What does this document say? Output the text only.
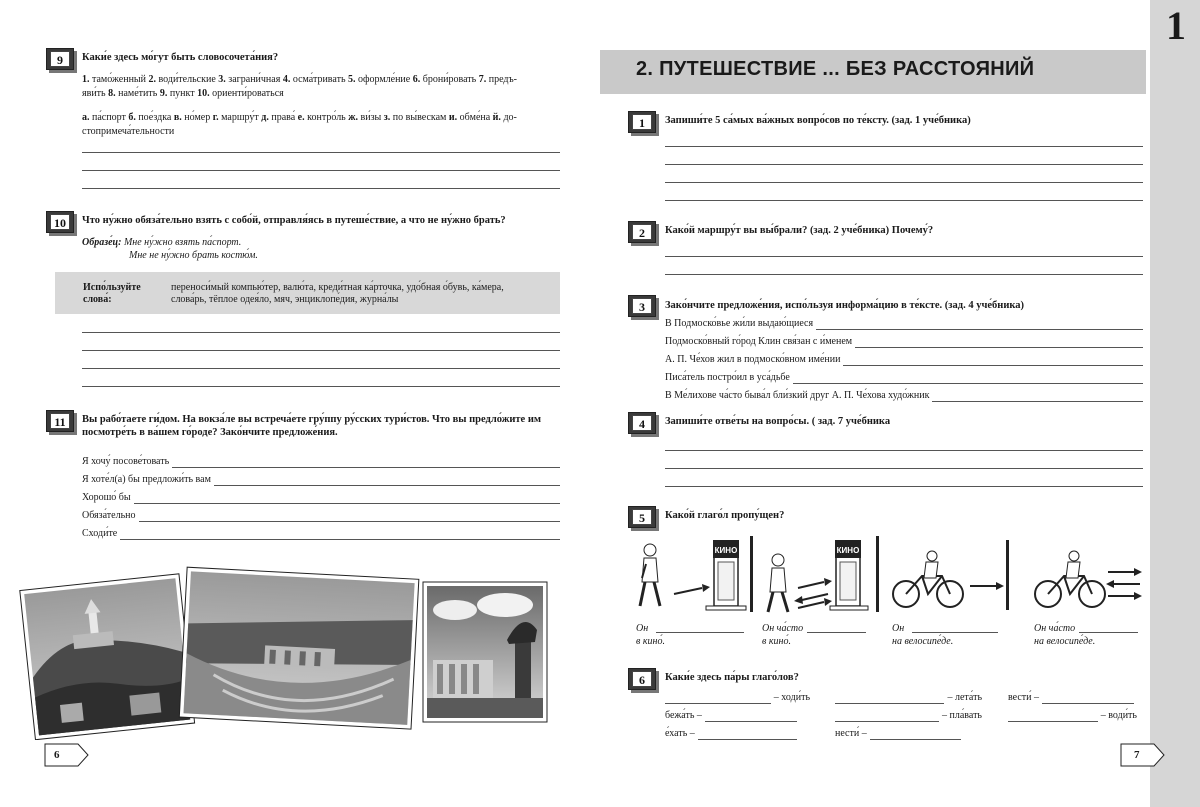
9	Каки́е здесь мо́гут быть словосочета́ния?
1. тамо́женный 2. води́тельские 3. заграни́чная 4. осма́тривать 5. оформле́ние 6. брони́ровать 7. предъ-
яви́ть 8. наме́тить 9. пункт 10. ориенти́роваться
а. па́спорт б. пое́здка в. но́мер г. маршру́т д. права́ е. контро́ль ж. ви́зы з. по вы́вескам и. обме́на й. до-
стопримеча́тельности
10	Что ну́жно обяза́тельно взять с собо́й, отправля́ясь в путеше́ствие, а что не ну́жно брать?
Образе́ц: Мне ну́жно взять па́спорт.
Мне не ну́жно брать костю́м.
Испо́льзуйте
слова́:
переноси́мый компью́тер, валю́та, креди́тная ка́рточка, удо́бная о́бувь, ка́мера,
слова́рь, тёплое одея́ло, мяч, энциклопе́дия, журна́лы
11	Вы рабо́таете ги́дом. На вокза́ле вы встреча́ете гру́ппу ру́сских тури́стов. Что вы предло́жите им
посмотре́ть в ва́шем го́роде? Зако́нчите предложе́ния.
Я хочу́ посове́товать
Я хоте́л(а) бы предложи́ть вам
Хорошо́ бы
Обяза́тельно
Сходи́те
6
1
2. ПУТЕШЕСТВИЕ ... БЕЗ РАССТОЯНИЙ
1	Запиши́те 5 са́мых ва́жных вопро́сов по те́ксту. (зад. 1 уче́бника)
2	Како́й маршру́т вы вы́брали? (зад. 2 уче́бника) Почему́?
3	Зако́нчите предложе́ния, испо́льзуя информа́цию в те́ксте. (зад. 4 уче́бника)
В Подмоско́вье жи́ли выдаю́щиеся
Подмоско́вный го́род Клин свя́зан с и́менем
А. П. Че́хов жил в подмоско́вном име́нии
Писа́тель постро́ил в уса́дьбе
В Ме́лихове ча́сто быва́л бли́зкий друг А. П. Че́хова худо́жник
4	Запиши́те отве́ты на вопро́сы. ( зад. 7 уче́бника
5	Како́й глаго́л пропу́щен?
КИНО	КИНО
Он
в кино́.
Он ча́сто
в кино́.
Он
на велосипе́де.
Он ча́сто
на велосипе́де.
6	Каки́е здесь па́ры глаго́лов?
– ходи́ть	– лета́ть	вести́ –
бежа́ть –	– пла́вать	– води́ть
е́хать –	нести́ –
7
